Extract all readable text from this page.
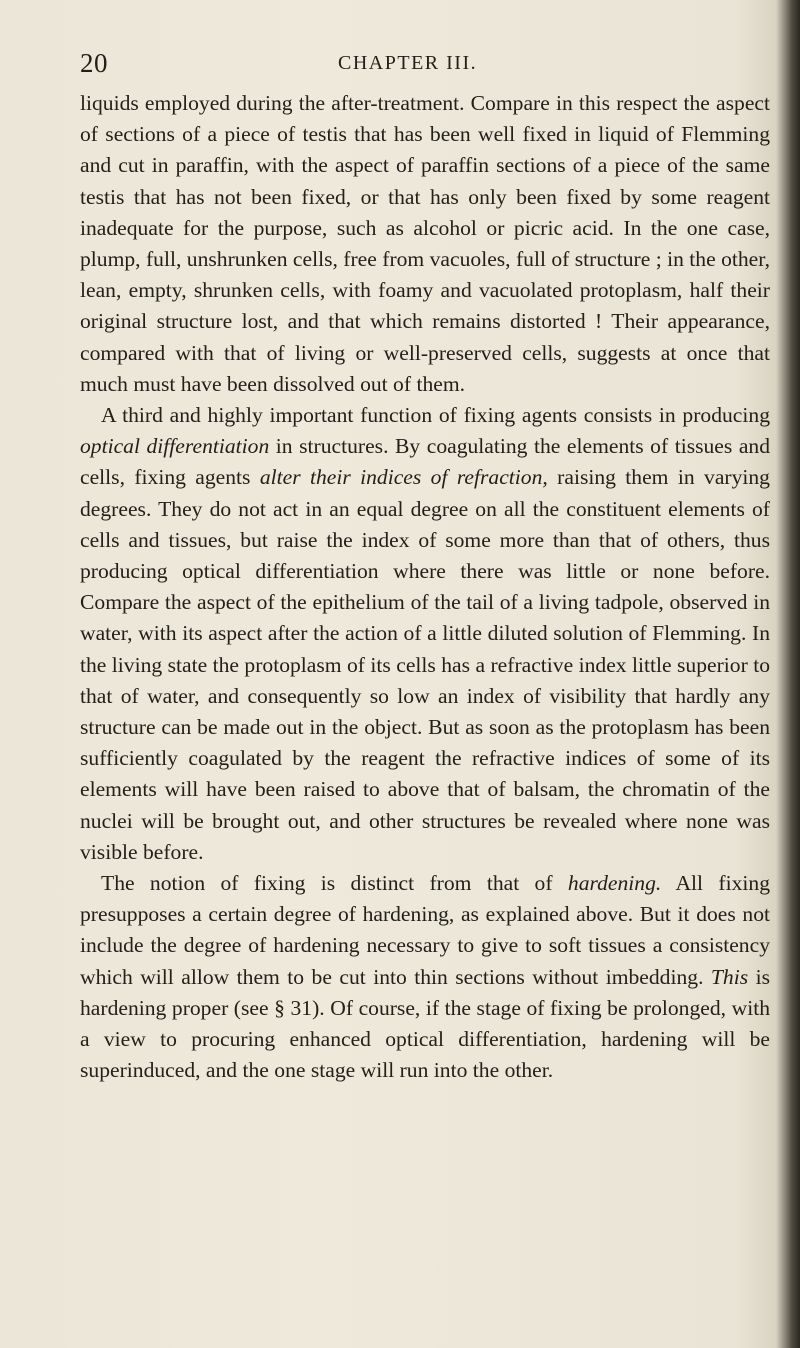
20	CHAPTER III.

liquids employed during the after-treatment. Compare in this respect the aspect of sections of a piece of testis that has been well fixed in liquid of Flemming and cut in paraffin, with the aspect of paraffin sections of a piece of the same testis that has not been fixed, or that has only been fixed by some reagent inadequate for the purpose, such as alcohol or picric acid. In the one case, plump, full, unshrunken cells, free from vacuoles, full of structure ; in the other, lean, empty, shrunken cells, with foamy and vacuolated protoplasm, half their original structure lost, and that which remains distorted ! Their appearance, compared with that of living or well-preserved cells, suggests at once that much must have been dissolved out of them.

A third and highly important function of fixing agents consists in producing optical differentiation in structures. By coagulating the elements of tissues and cells, fixing agents alter their indices of refraction, raising them in varying degrees. They do not act in an equal degree on all the constituent elements of cells and tissues, but raise the index of some more than that of others, thus producing optical differentiation where there was little or none before. Compare the aspect of the epithelium of the tail of a living tadpole, observed in water, with its aspect after the action of a little diluted solution of Flemming. In the living state the protoplasm of its cells has a refractive index little superior to that of water, and consequently so low an index of visibility that hardly any structure can be made out in the object. But as soon as the protoplasm has been sufficiently coagulated by the reagent the refractive indices of some of its elements will have been raised to above that of balsam, the chromatin of the nuclei will be brought out, and other structures be revealed where none was visible before.

The notion of fixing is distinct from that of hardening. All fixing presupposes a certain degree of hardening, as explained above. But it does not include the degree of hardening necessary to give to soft tissues a consistency which will allow them to be cut into thin sections without imbedding. This is hardening proper (see § 31). Of course, if the stage of fixing be prolonged, with a view to procuring enhanced optical differentiation, hardening will be superinduced, and the one stage will run into the other.
